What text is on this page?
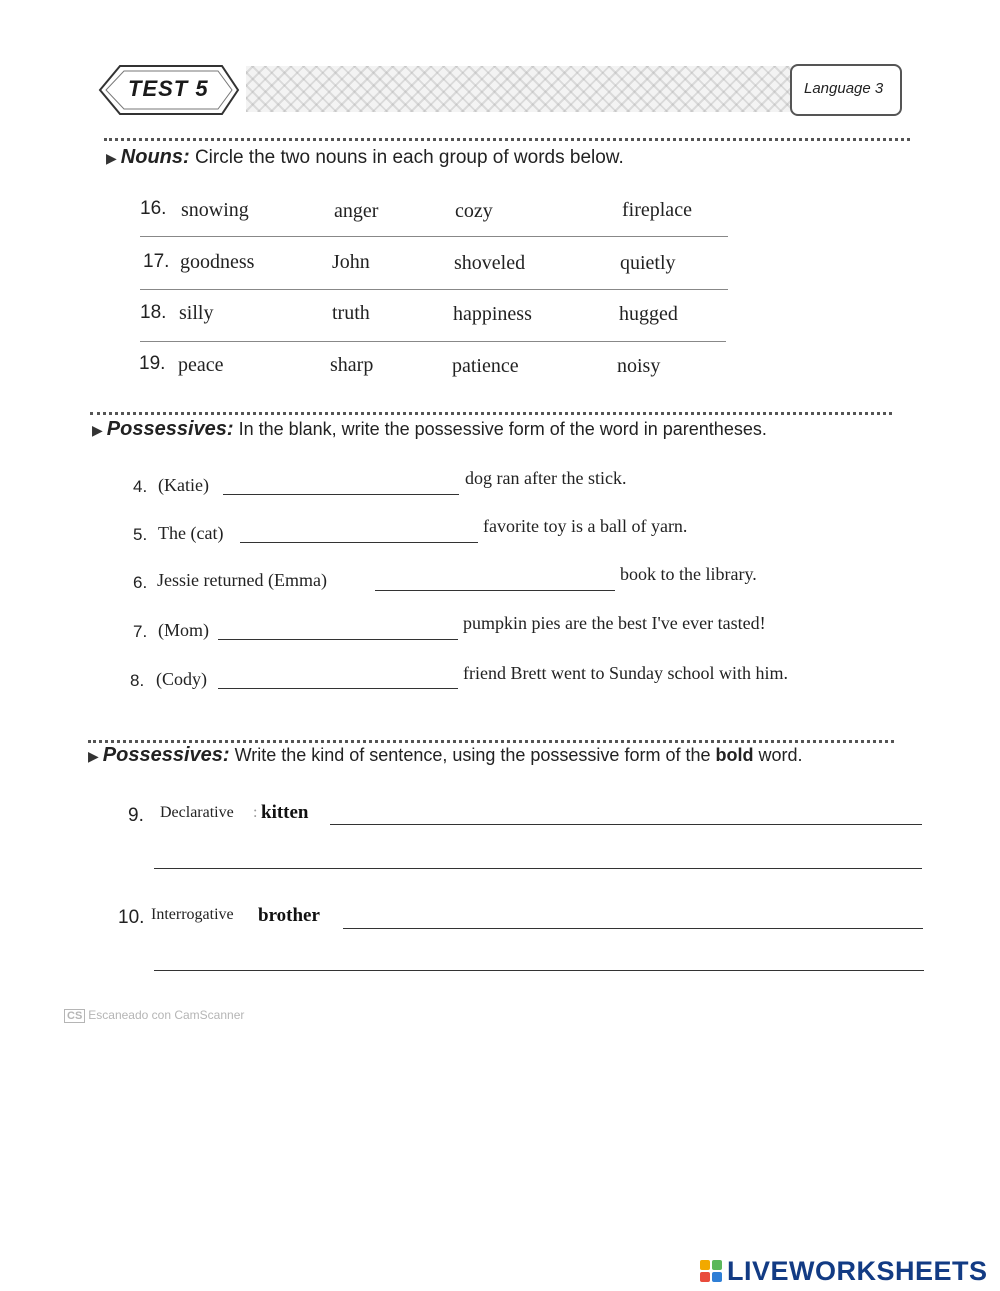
TEST 5	Language 3
▶ Nouns: Circle the two nouns in each group of words below.
16. snowing	anger	cozy	fireplace
17. goodness	John	shoveled	quietly
18. silly	truth	happiness	hugged
19. peace	sharp	patience	noisy
▶ Possessives: In the blank, write the possessive form of the word in parentheses.
4. (Katie)	dog ran after the stick.
5. The (cat)	favorite toy is a ball of yarn.
6. Jessie returned (Emma)	book to the library.
7. (Mom)	pumpkin pies are the best I've ever tasted!
8. (Cody)	friend Brett went to Sunday school with him.
▶ Possessives: Write the kind of sentence, using the possessive form of the bold word.
9. Declarative : kitten
10. Interrogative brother
CS Escaneado con CamScanner
LIVEWORKSHEETS
